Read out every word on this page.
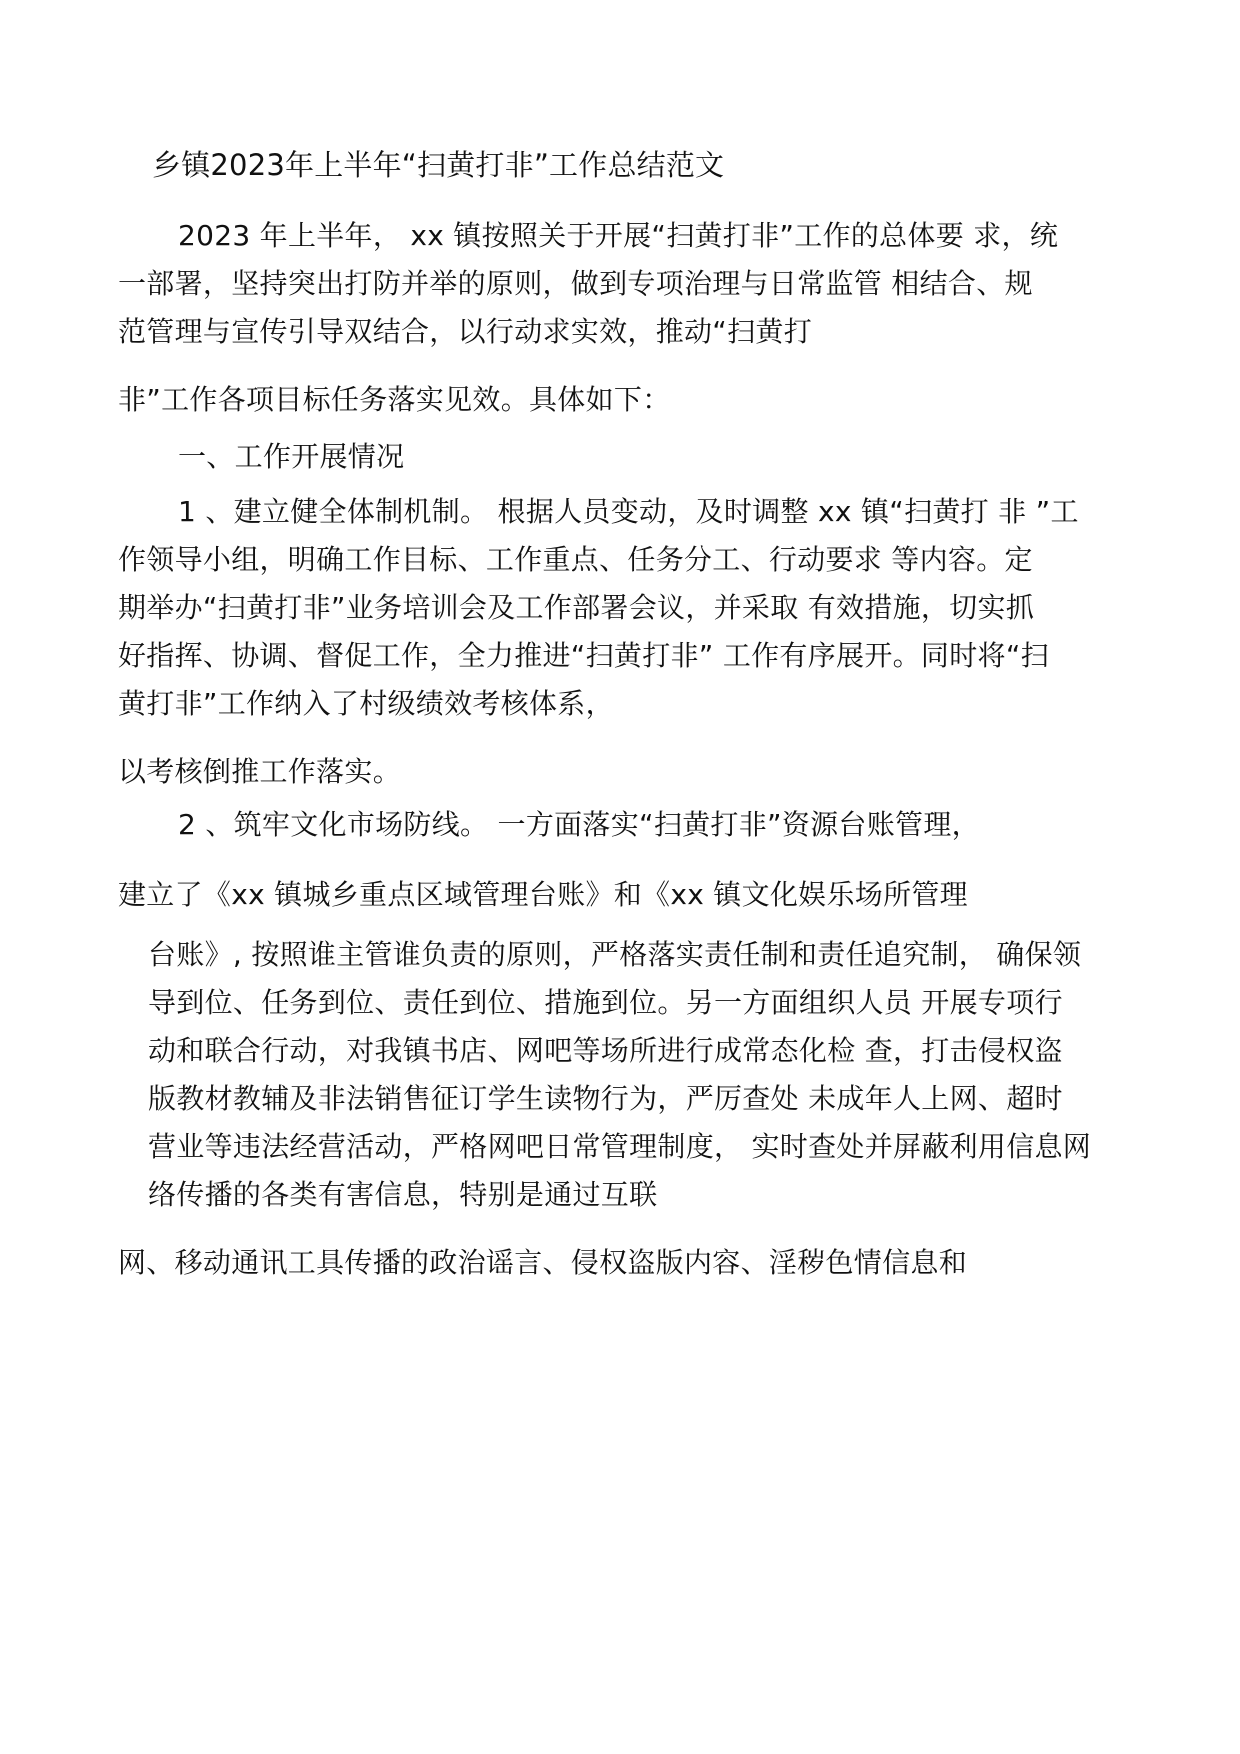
乡镇2023年上半年“扫黄打非”工作总结范文
2023 年上半年， xx 镇按照关于开展“扫黄打非”工作的总体要 求，统
一部署，坚持突出打防并举的原则，做到专项治理与日常监管 相结合、规
范管理与宣传引导双结合，以行动求实效，推动“扫黄打
非”工作各项目标任务落实见效。具体如下：
一、工作开展情况
1 、建立健全体制机制。 根据人员变动，及时调整 xx 镇“扫黄打 非 ”工
作领导小组，明确工作目标、工作重点、任务分工、行动要求 等内容。定
期举办“扫黄打非”业务培训会及工作部署会议，并采取 有效措施，切实抓
好指挥、协调、督促工作，全力推进“扫黄打非” 工作有序展开。同时将“扫
黄打非”工作纳入了村级绩效考核体系，
以考核倒推工作落实。
2 、筑牢文化市场防线。 一方面落实“扫黄打非”资源台账管理，
建立了《xx 镇城乡重点区域管理台账》和《xx 镇文化娱乐场所管理
台账》, 按照谁主管谁负责的原则，严格落实责任制和责任追究制， 确保领
导到位、任务到位、责任到位、措施到位。另一方面组织人员 开展专项行
动和联合行动，对我镇书店、网吧等场所进行成常态化检 查，打击侵权盗
版教材教辅及非法销售征订学生读物行为，严厉查处 未成年人上网、超时
营业等违法经营活动，严格网吧日常管理制度， 实时查处并屏蔽利用信息网
络传播的各类有害信息，特别是通过互联
网、移动通讯工具传播的政治谣言、侵权盗版内容、淫秽色情信息和
